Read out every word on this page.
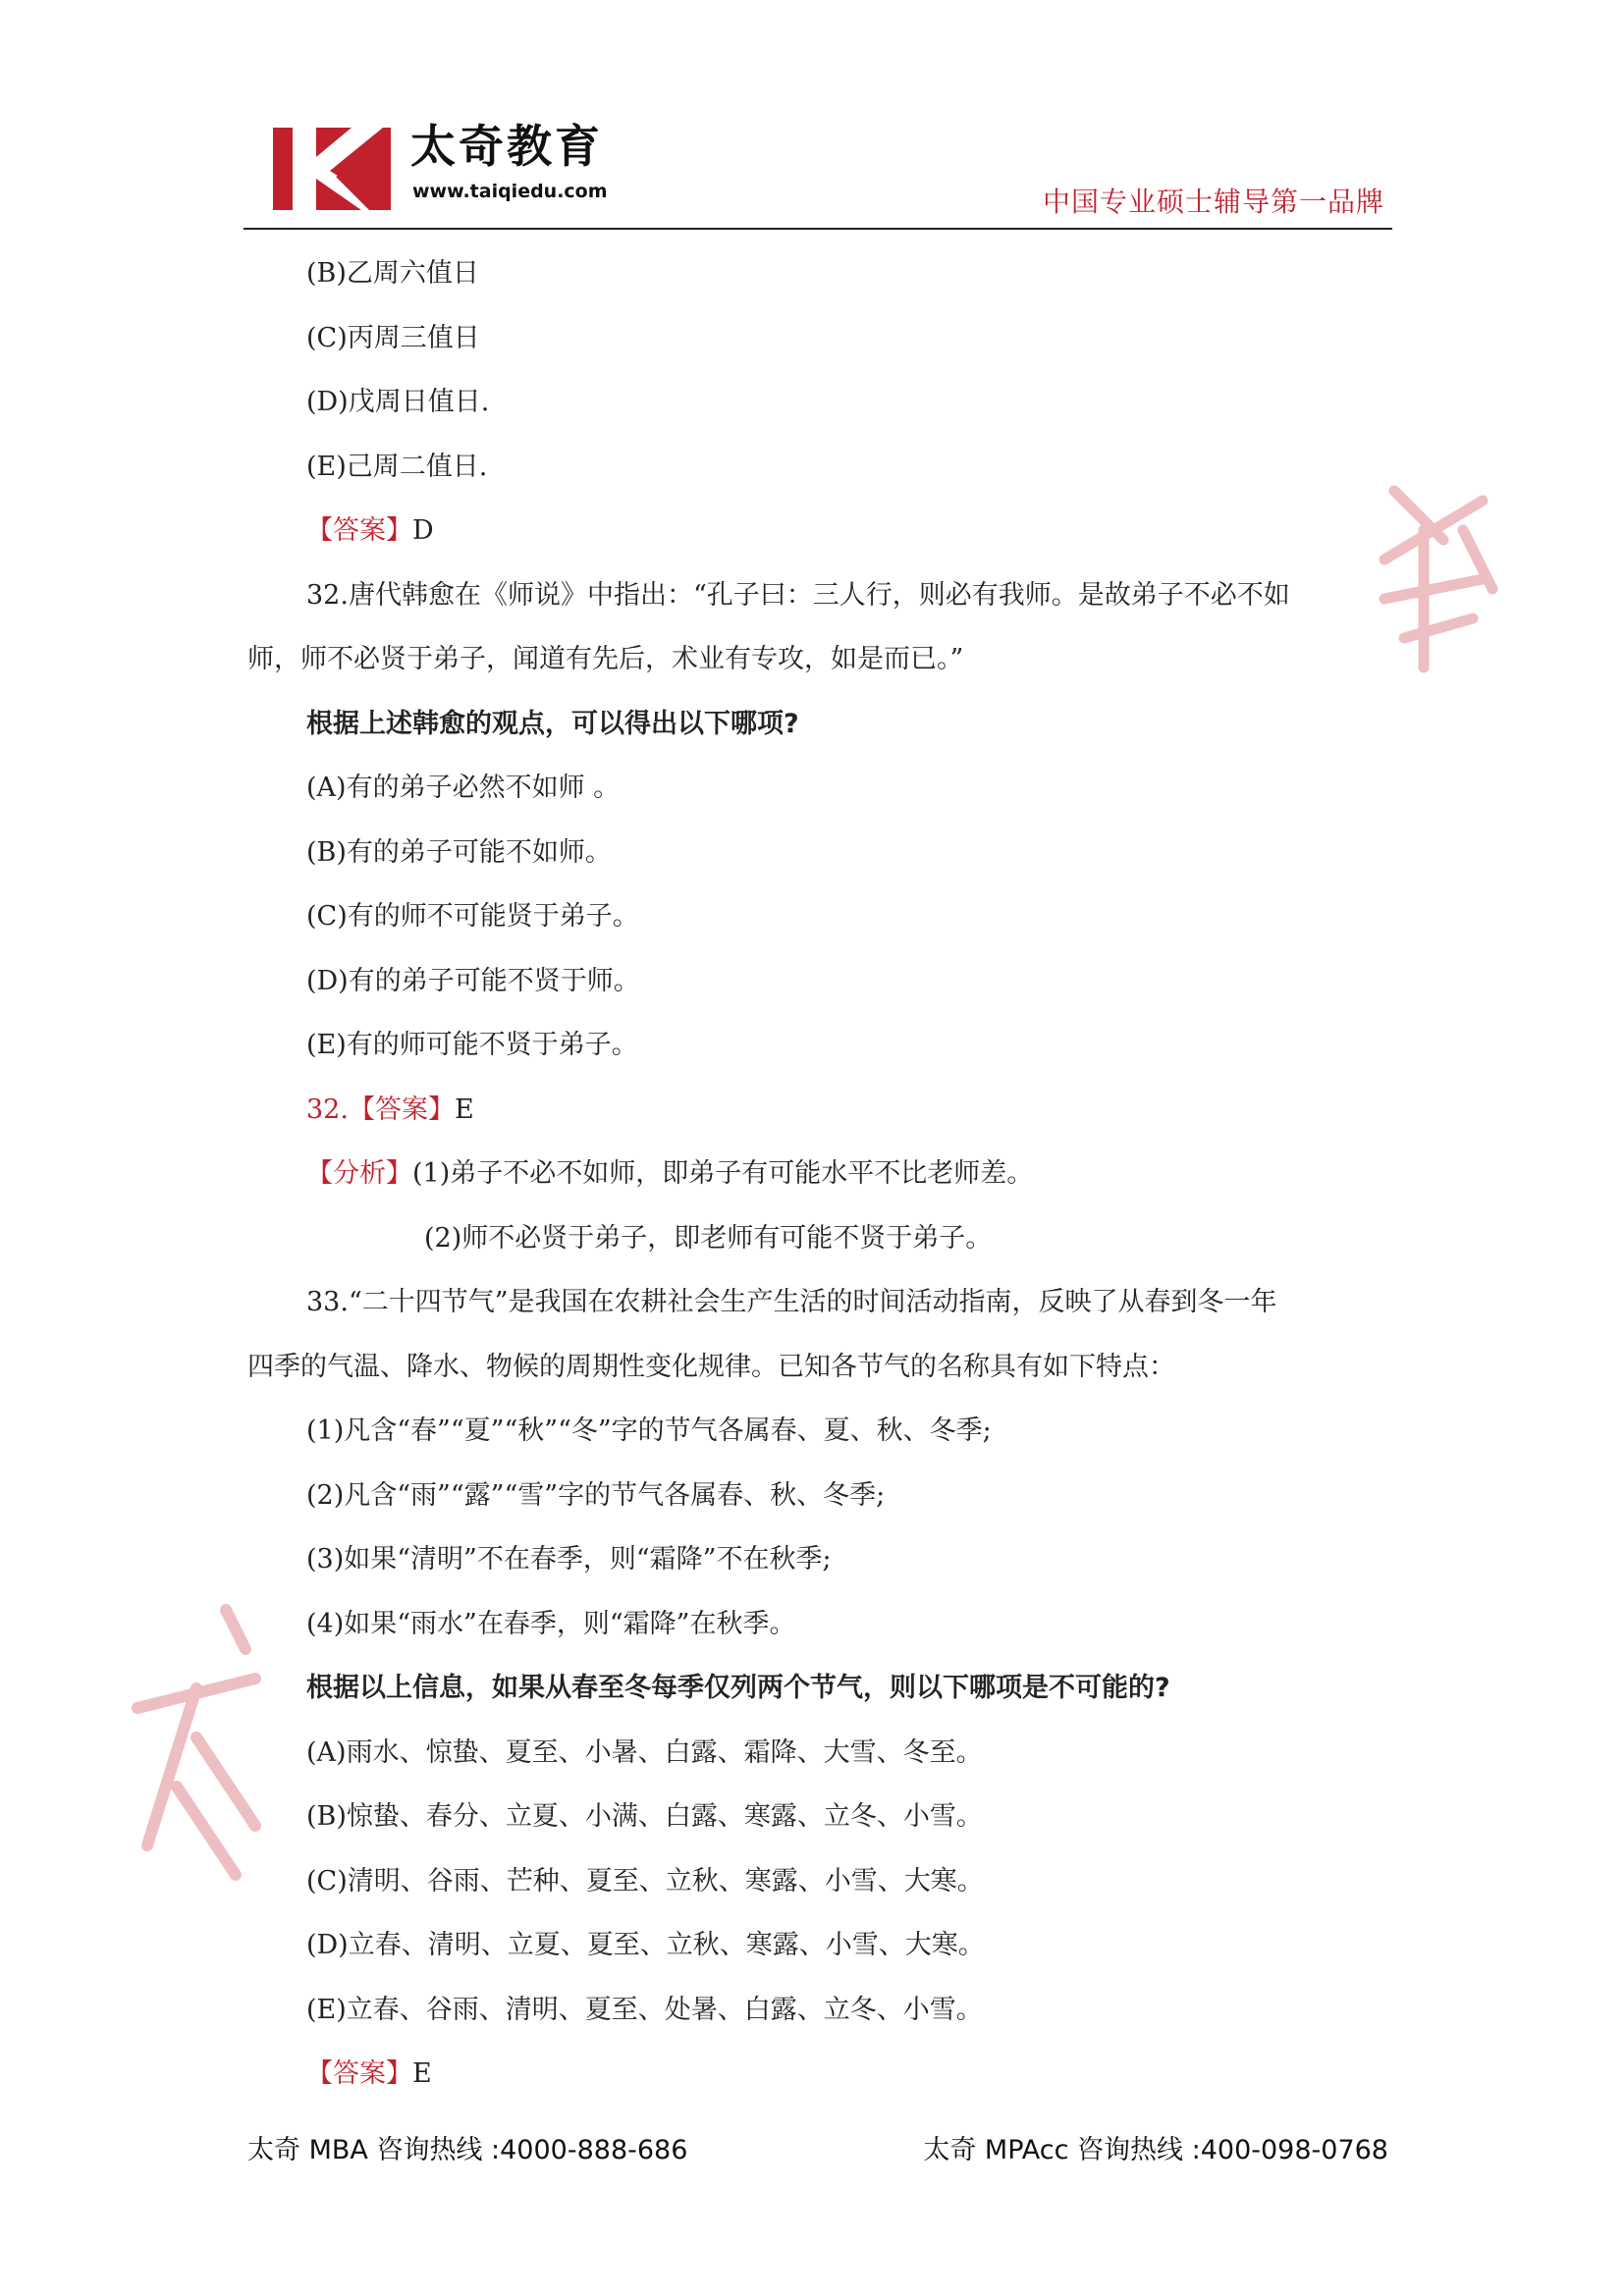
太奇教育
www.taiqiedu.com	中国专业硕士辅导第一品牌
(B)乙周六值日
(C)丙周三值日
(D)戊周日值日.
(E)己周二值日.
【答案】D
32.唐代韩愈在《师说》中指出：“孔子曰：三人行，则必有我师。是故弟子不必不如
师，师不必贤于弟子，闻道有先后，术业有专攻，如是而已。”
根据上述韩愈的观点，可以得出以下哪项?
(A)有的弟子必然不如师 。
(B)有的弟子可能不如师。
(C)有的师不可能贤于弟子。
(D)有的弟子可能不贤于师。
(E)有的师可能不贤于弟子。
32.【答案】E
【分析】(1)弟子不必不如师，即弟子有可能水平不比老师差。
(2)师不必贤于弟子，即老师有可能不贤于弟子。
33.“二十四节气”是我国在农耕社会生产生活的时间活动指南，反映了从春到冬一年
四季的气温、降水、物候的周期性变化规律。已知各节气的名称具有如下特点：
(1)凡含“春”“夏”“秋”“冬”字的节气各属春、夏、秋、冬季;
(2)凡含“雨”“露”“雪”字的节气各属春、秋、冬季;
(3)如果“清明”不在春季，则“霜降”不在秋季;
(4)如果“雨水”在春季，则“霜降”在秋季。
根据以上信息，如果从春至冬每季仅列两个节气，则以下哪项是不可能的?
(A)雨水、惊蛰、夏至、小暑、白露、霜降、大雪、冬至。
(B)惊蛰、春分、立夏、小满、白露、寒露、立冬、小雪。
(C)清明、谷雨、芒种、夏至、立秋、寒露、小雪、大寒。
(D)立春、清明、立夏、夏至、立秋、寒露、小雪、大寒。
(E)立春、谷雨、清明、夏至、处暑、白露、立冬、小雪。
【答案】E
太奇 MBA 咨询热线 :4000-888-686	太奇 MPAcc 咨询热线 :400-098-0768
